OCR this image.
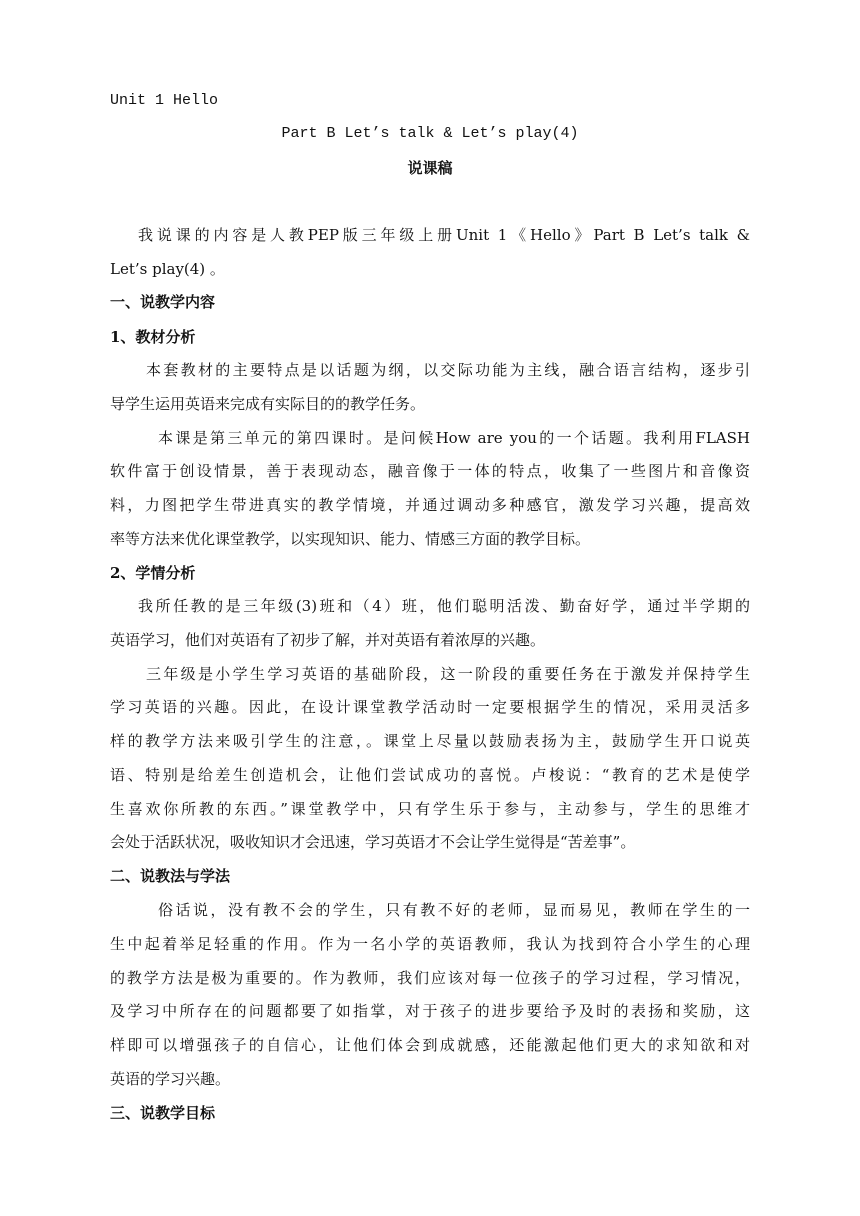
Unit 1 Hello
Part B Let’s talk & Let’s play(4)
说课稿
我说课的内容是人教PEP版三年级上册Unit 1《Hello》Part B Let’s talk &
Let’s play(4) 。
一、说教学内容
1、教材分析
本套教材的主要特点是以话题为纲，以交际功能为主线，融合语言结构，逐步引
导学生运用英语来完成有实际目的的教学任务。
本课是第三单元的第四课时。是问候How are you的一个话题。我利用FLASH
软件富于创设情景，善于表现动态，融音像于一体的特点，收集了一些图片和音像资
料，力图把学生带进真实的教学情境，并通过调动多种感官，激发学习兴趣，提高效
率等方法来优化课堂教学，以实现知识、能力、情感三方面的教学目标。
2、学情分析
我所任教的是三年级(3)班和（4）班，他们聪明活泼、勤奋好学，通过半学期的
英语学习，他们对英语有了初步了解，并对英语有着浓厚的兴趣。
三年级是小学生学习英语的基础阶段，这一阶段的重要任务在于激发并保持学生
学习英语的兴趣。因此，在设计课堂教学活动时一定要根据学生的情况，采用灵活多
样的教学方法来吸引学生的注意，。课堂上尽量以鼓励表扬为主，鼓励学生开口说英
语、特别是给差生创造机会，让他们尝试成功的喜悦。卢梭说：“教育的艺术是使学
生喜欢你所教的东西。”课堂教学中，只有学生乐于参与，主动参与，学生的思维才
会处于活跃状况，吸收知识才会迅速，学习英语才不会让学生觉得是“苦差事”。
二、说教法与学法
俗话说，没有教不会的学生，只有教不好的老师，显而易见，教师在学生的一
生中起着举足轻重的作用。作为一名小学的英语教师，我认为找到符合小学生的心理
的教学方法是极为重要的。作为教师，我们应该对每一位孩子的学习过程，学习情况，
及学习中所存在的问题都要了如指掌，对于孩子的进步要给予及时的表扬和奖励，这
样即可以增强孩子的自信心，让他们体会到成就感，还能激起他们更大的求知欲和对
英语的学习兴趣。
三、说教学目标
